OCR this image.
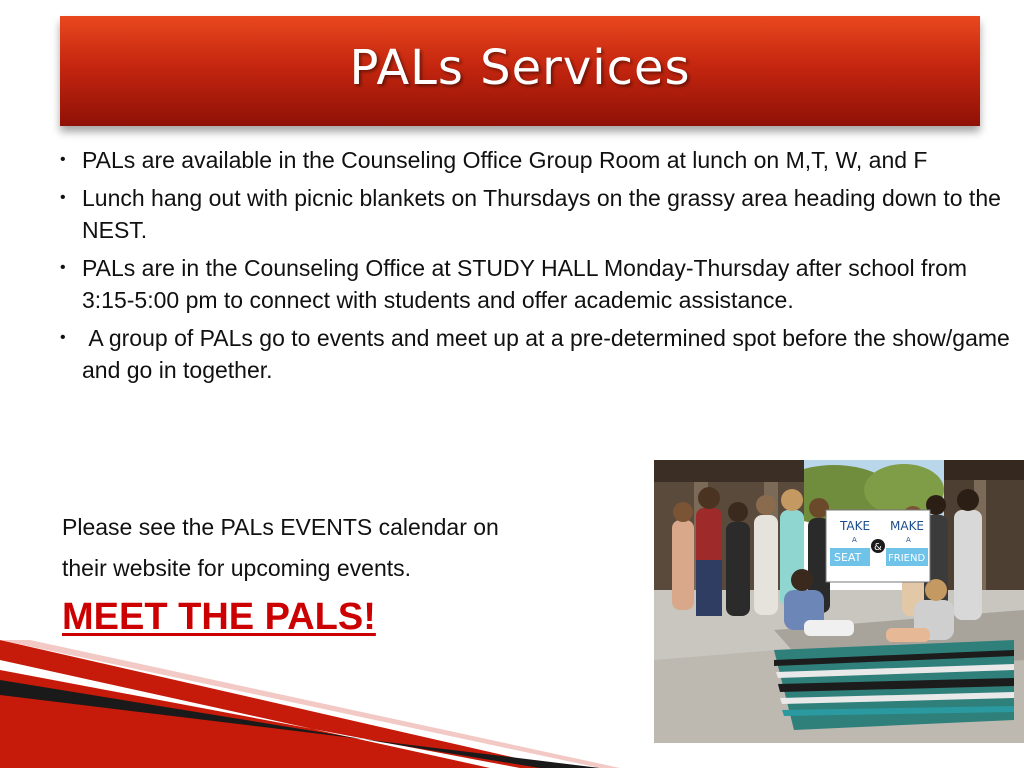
PALs Services
• PALs are available in the Counseling Office Group Room at lunch on M,T, W, and F
• Lunch hang out with picnic blankets on Thursdays on the grassy area heading down to the NEST.
• PALs are in the Counseling Office at STUDY HALL Monday-Thursday after school from 3:15-5:00 pm to connect with students and offer academic assistance.
• A group of PALs go to events and meet up at a pre-determined spot before the show/game and go in together.

Please see the PALs EVENTS calendar on

their website for upcoming events.

MEET THE PALS!
TAKE
A
SEAT
&
MAKE
A
FRIEND
